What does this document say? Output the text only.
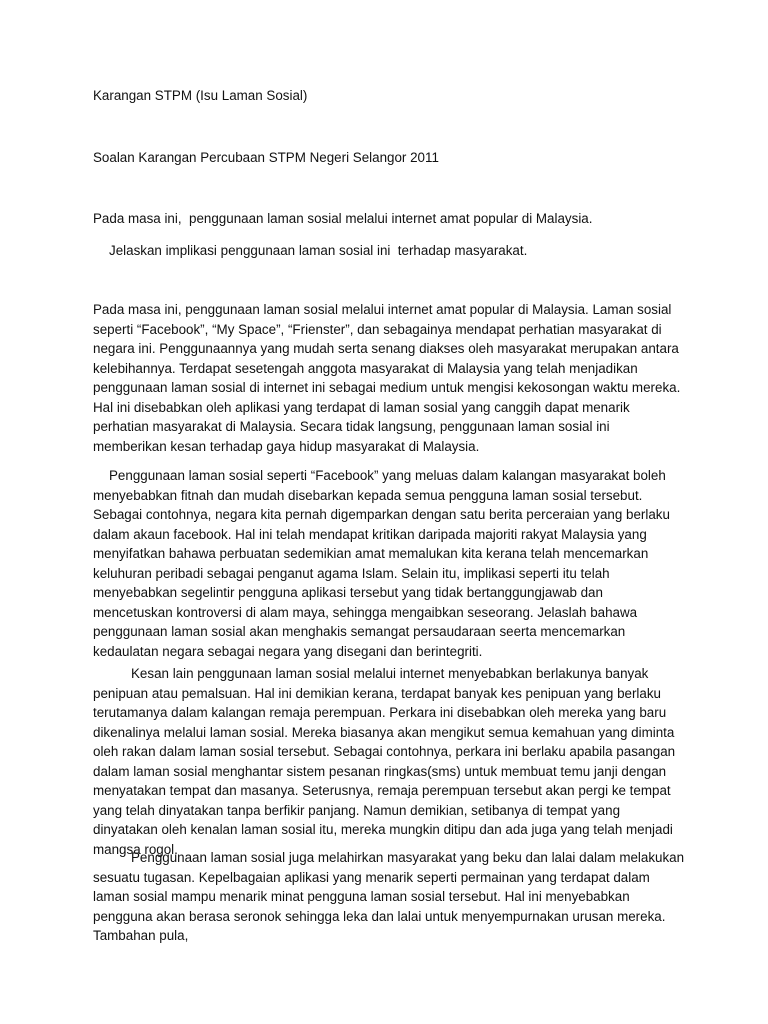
Karangan STPM (Isu Laman Sosial)
Soalan Karangan Percubaan STPM Negeri Selangor 2011
Pada masa ini,  penggunaan laman sosial melalui internet amat popular di Malaysia.
Jelaskan implikasi penggunaan laman sosial ini  terhadap masyarakat.

Pada masa ini, penggunaan laman sosial melalui internet amat popular di Malaysia. Laman sosial seperti “Facebook”, “My Space”, “Frienster”, dan sebagainya mendapat perhatian masyarakat di negara ini. Penggunaannya yang mudah serta senang diakses oleh masyarakat merupakan antara kelebihannya. Terdapat sesetengah anggota masyarakat di Malaysia yang telah menjadikan penggunaan laman sosial di internet ini sebagai medium untuk mengisi kekosongan waktu mereka. Hal ini disebabkan oleh aplikasi yang terdapat di laman sosial yang canggih dapat menarik perhatian masyarakat di Malaysia. Secara tidak langsung, penggunaan laman sosial ini memberikan kesan terhadap gaya hidup masyarakat di Malaysia.

Penggunaan laman sosial seperti “Facebook” yang meluas dalam kalangan masyarakat boleh menyebabkan fitnah dan mudah disebarkan kepada semua pengguna laman sosial tersebut. Sebagai contohnya, negara kita pernah digemparkan dengan satu berita perceraian yang berlaku dalam akaun facebook. Hal ini telah mendapat kritikan daripada majoriti rakyat Malaysia yang menyifatkan bahawa perbuatan sedemikian amat memalukan kita kerana telah mencemarkan keluhuran peribadi sebagai penganut agama Islam. Selain itu, implikasi seperti itu telah menyebabkan segelintir pengguna aplikasi tersebut yang tidak bertanggungjawab dan mencetuskan kontroversi di alam maya, sehingga mengaibkan seseorang. Jelaslah bahawa penggunaan laman sosial akan menghakis semangat persaudaraan seerta mencemarkan kedaulatan negara sebagai negara yang disegani dan berintegriti.

Kesan lain penggunaan laman sosial melalui internet menyebabkan berlakunya banyak penipuan atau pemalsuan. Hal ini demikian kerana, terdapat banyak kes penipuan yang berlaku terutamanya dalam kalangan remaja perempuan. Perkara ini disebabkan oleh mereka yang baru dikenalinya melalui laman sosial. Mereka biasanya akan mengikut semua kemahuan yang diminta oleh rakan dalam laman sosial tersebut. Sebagai contohnya, perkara ini berlaku apabila pasangan dalam laman sosial menghantar sistem pesanan ringkas(sms) untuk membuat temu janji dengan menyatakan tempat dan masanya. Seterusnya, remaja perempuan tersebut akan pergi ke tempat yang telah dinyatakan tanpa berfikir panjang. Namun demikian, setibanya di tempat yang dinyatakan oleh kenalan laman sosial itu, mereka mungkin ditipu dan ada juga yang telah menjadi mangsa rogol.

Penggunaan laman sosial juga melahirkan masyarakat yang beku dan lalai dalam melakukan sesuatu tugasan. Kepelbagaian aplikasi yang menarik seperti permainan yang terdapat dalam laman sosial mampu menarik minat pengguna laman sosial tersebut. Hal ini menyebabkan pengguna akan berasa seronok sehingga leka dan lalai untuk menyempurnakan urusan mereka. Tambahan pula,
